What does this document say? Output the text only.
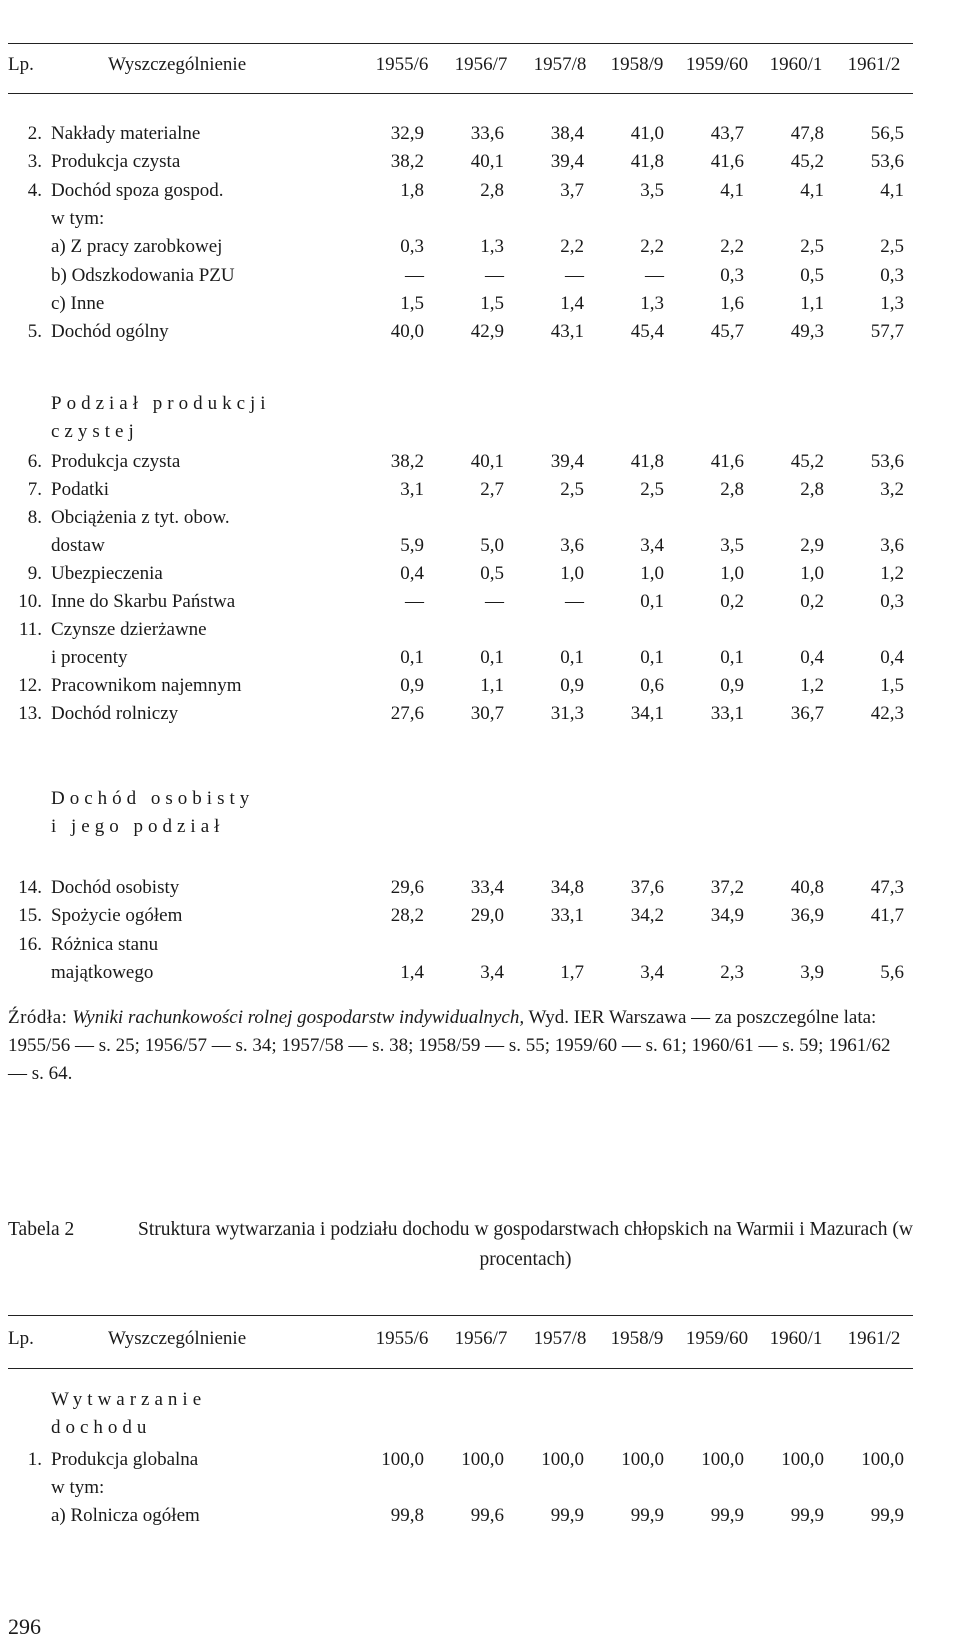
Lp.	Wyszczególnienie	1955/6	1956/7	1957/8	1958/9	1959/60	1960/1	1961/2
2. Nakłady materialne	32,9 33,6 38,4 41,0 43,7 47,8 56,5
3. Produkcja czysta	38,2 40,1 39,4 41,8 41,6 45,2 53,6
4. Dochód spoza gospod.	1,8	2,8	3,7	3,5	4,1	4,1	4,1
w tym:
a) Z pracy zarobkowej	0,3	1,3	2,2	2,2	2,2	2,5	2,5
b) Odszkodowania PZU	—	—	—	—	0,3	0,5	0,3
c) Inne	1,5	1,5	1,4	1,3	1,6	1,1	1,3
5. Dochód ogólny	40,0 42,9 43,1 45,4 45,7 49,3 57,7
Podział produkcji
czystej
6. Produkcja czysta	38,2 40,1 39,4 41,8 41,6 45,2 53,6
7. Podatki	3,1	2,7	2,5	2,5	2,8	2,8	3,2
8. Obciążenia z tyt. obow.
dostaw	5,9	5,0	3,6	3,4	3,5	2,9	3,6
9. Ubezpieczenia	0,4	0,5	1,0	1,0	1,0	1,0	1,2
10. Inne do Skarbu Państwa	—	—	—	0,1	0,2	0,2	0,3
11. Czynsze dzierżawne
i procenty	0,1	0,1	0,1	0,1	0,1	0,4	0,4
12. Pracownikom najemnym	0,9	1,1	0,9	0,6	0,9	1,2	1,5
13. Dochód rolniczy	27,6 30,7 31,3 34,1 33,1 36,7 42,3
Dochód osobisty
i jego podział
14. Dochód osobisty	29,6 33,4 34,8 37,6 37,2 40,8 47,3
15. Spożycie ogółem	28,2 29,0 33,1 34,2 34,9 36,9 41,7
16. Różnica stanu
majątkowego	1,4	3,4	1,7	3,4	2,3	3,9	5,6
Źródła: Wyniki rachunkowości rolnej gospodarstw indywidualnych, Wyd. IER Warszawa — za poszczególne lata: 1955/56 — s. 25; 1956/57 — s. 34; 1957/58 — s. 38; 1958/59 — s. 55; 1959/60 — s. 61; 1960/61 — s. 59; 1961/62 — s. 64.
Tabela 2	Struktura wytwarzania i podziału dochodu w gospodarstwach chłopskich na Warmii i Mazurach (w procentach)
Lp.	Wyszczególnienie	1955/6	1956/7	1957/8	1958/9	1959/60	1960/1	1961/2
Wytwarzanie
dochodu
1. Produkcja globalna	100,0 100,0 100,0 100,0 100,0 100,0 100,0
w tym:
a) Rolnicza ogółem	99,8 99,6 99,9 99,9 99,9 99,9 99,9
296
